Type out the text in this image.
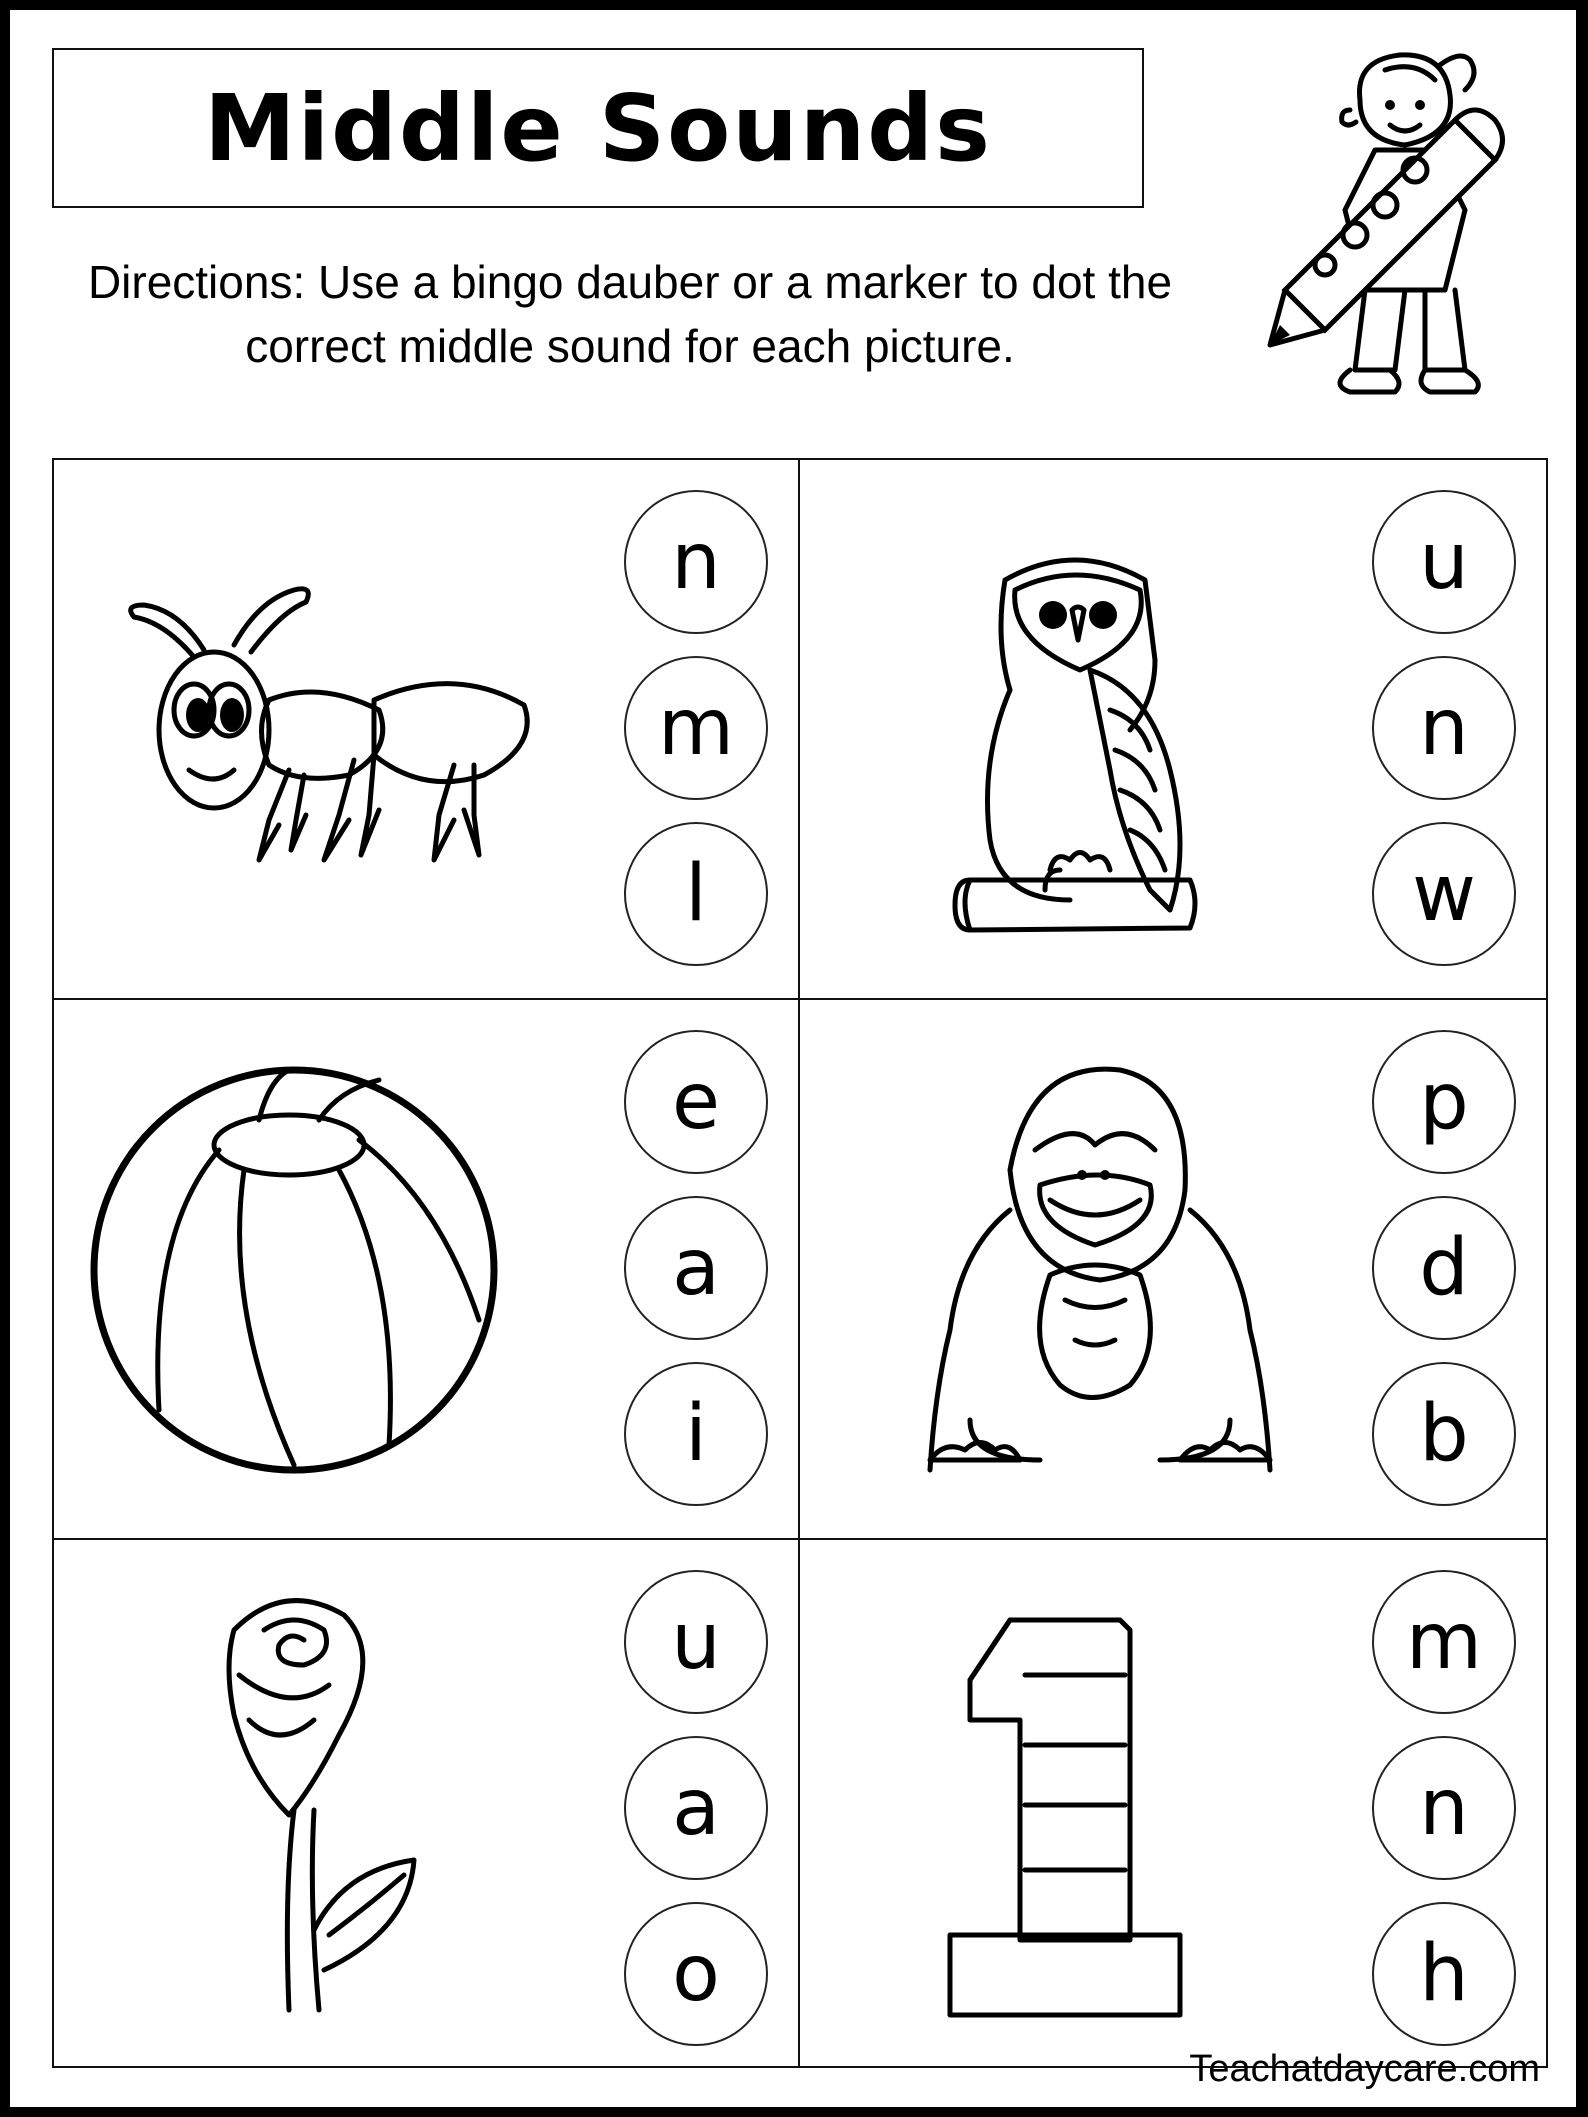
Middle Sounds
Directions: Use a bingo dauber or a marker to dot the correct middle sound for each picture.
n
m
l
u
n
w
e
a
i
p
d
b
u
a
o
m
n
h
Teachatdaycare.com
